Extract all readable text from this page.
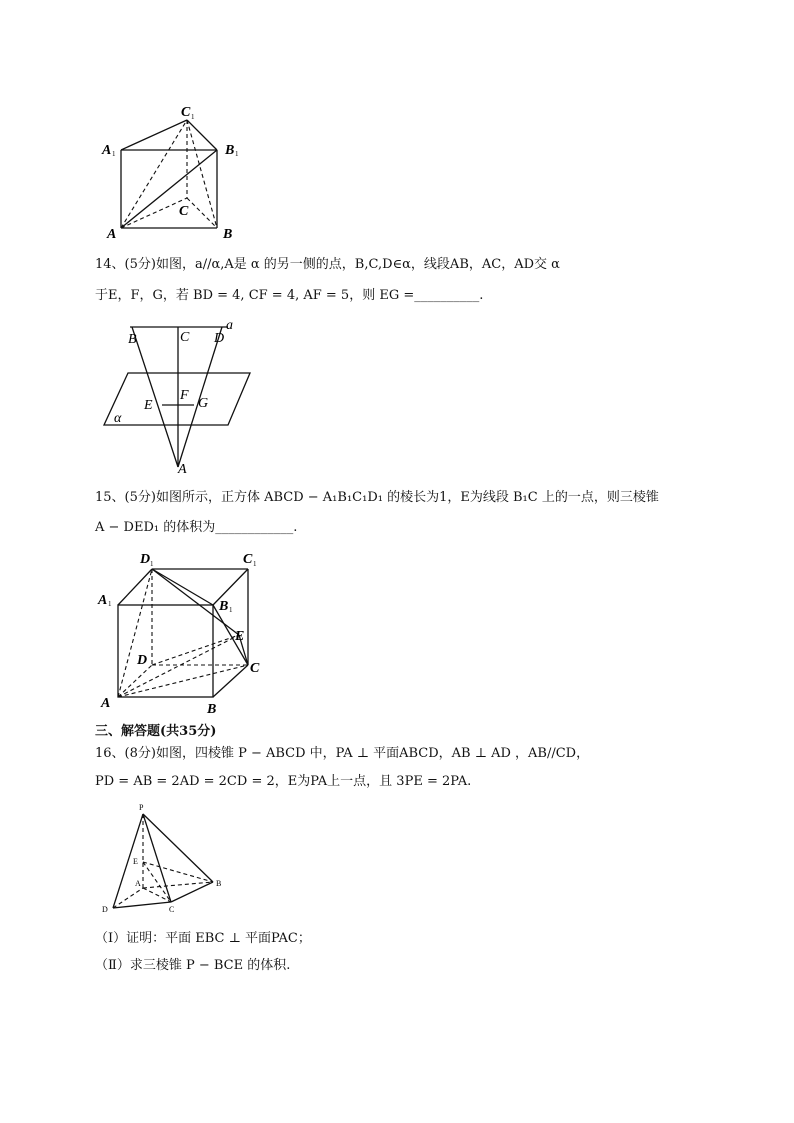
C 1
A 1	B 1
A	B
C
14、(5分)如图，a//α,A是 α 的另一侧的点，B,C,D∈α，线段AB，AC，AD交 α
于E，F，G，若 BD = 4, CF = 4, AF = 5，则 EG =__________.
B	C D
a
E
F
G
α
A
15、(5分)如图所示，正方体 ABCD − A₁B₁C₁D₁ 的棱长为1，E为线段 B₁C 上的一点，则三棱锥
A − DED₁ 的体积为____________.
D 1	C 1
A 1	B 1
E
D
C
A	B
三、解答题(共35分)
16、(8分)如图，四棱锥 P − ABCD 中，PA ⊥ 平面ABCD，AB ⊥ AD ，AB//CD，
PD = AB = 2AD = 2CD = 2，E为PA上一点，且 3PE = 2PA.
P
E
A	B
D	C
（Ⅰ）证明：平面 EBC ⊥ 平面PAC；
（Ⅱ）求三棱锥 P − BCE 的体积.
